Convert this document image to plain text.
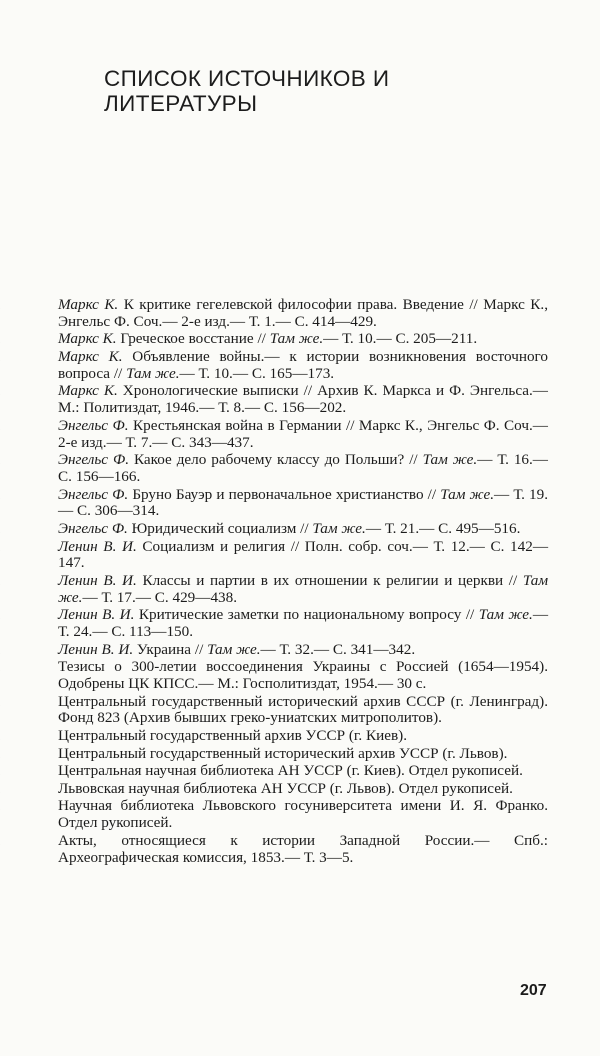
СПИСОК ИСТОЧНИКОВ И ЛИТЕРАТУРЫ
.
Маркс К. К критике гегелевской философии права. Введение // Маркс К., Энгельс Ф. Соч.— 2-е изд.— Т. 1.— С. 414—429.
.
Маркс К. Греческое восстание // Там же.— Т. 10.— С. 205—211.
.
Маркс К. Объявление войны.— к истории возникновения восточного вопроса // Там же.— Т. 10.— С. 165—173.
.
Маркс К. Хронологические выписки // Архив К. Маркса и Ф. Энгельса.— М.: Политиздат, 1946.— Т. 8.— С. 156—202.
.
Энгельс Ф. Крестьянская война в Германии // Маркс К., Энгельс Ф. Соч.— 2-е изд.— Т. 7.— С. 343—437.
.
Энгельс Ф. Какое дело рабочему классу до Польши? // Там же.— Т. 16.— С. 156—166.
.
Энгельс Ф. Бруно Бауэр и первоначальное христианство // Там же.— Т. 19.— С. 306—314.
.
Энгельс Ф. Юридический социализм // Там же.— Т. 21.— С. 495—516.
.
Ленин В. И. Социализм и религия // Полн. собр. соч.— Т. 12.— С. 142—147.
.
Ленин В. И. Классы и партии в их отношении к религии и церкви // Там же.— Т. 17.— С. 429—438.
.
Ленин В. И. Критические заметки по национальному вопросу // Там же.— Т. 24.— С. 113—150.
.
Ленин В. И. Украина // Там же.— Т. 32.— С. 341—342.
.
Тезисы о 300-летии воссоединения Украины с Россией (1654—1954). Одобрены ЦК КПСС.— М.: Госполитиздат, 1954.— 30 с.
.
Центральный государственный исторический архив СССР (г. Ленинград). Фонд 823 (Архив бывших греко-униатских митрополитов).
.
Центральный государственный архив УССР (г. Киев).
.
Центральный государственный исторический архив УССР (г. Львов).
.
Центральная научная библиотека АН УССР (г. Киев). Отдел рукописей.
.
Львовская научная библиотека АН УССР (г. Львов). Отдел рукописей.
.
Научная библиотека Львовского госуниверситета имени И. Я. Франко. Отдел рукописей.
.
Акты, относящиеся к истории Западной России.— Спб.: Археографическая комиссия, 1853.— Т. 3—5.
207
